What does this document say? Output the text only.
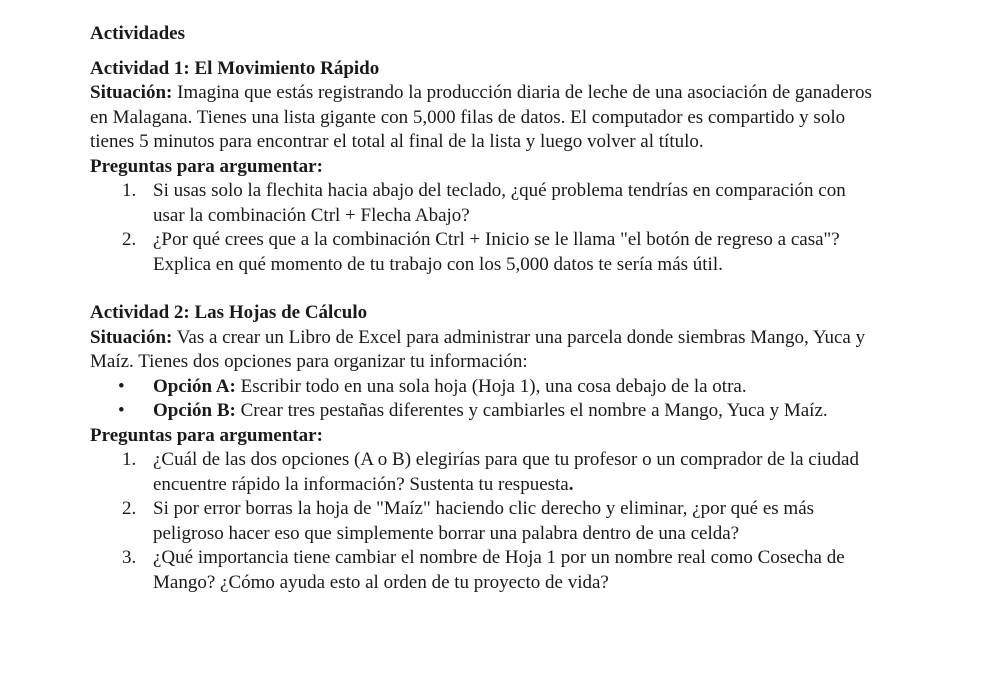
Actividades
Actividad 1: El Movimiento Rápido

Situación: Imagina que estás registrando la producción diaria de leche de una asociación de ganaderos en Malagana. Tienes una lista gigante con 5,000 filas de datos. El computador es compartido y solo tienes 5 minutos para encontrar el total al final de la lista y luego volver al título.

Preguntas para argumentar:
1. Si usas solo la flechita hacia abajo del teclado, ¿qué problema tendrías en comparación con usar la combinación Ctrl + Flecha Abajo?
2. ¿Por qué crees que a la combinación Ctrl + Inicio se le llama "el botón de regreso a casa"? Explica en qué momento de tu trabajo con los 5,000 datos te sería más útil.
Actividad 2: Las Hojas de Cálculo

Situación: Vas a crear un Libro de Excel para administrar una parcela donde siembras Mango, Yuca y Maíz. Tienes dos opciones para organizar tu información:

• Opción A: Escribir todo en una sola hoja (Hoja 1), una cosa debajo de la otra.
• Opción B: Crear tres pestañas diferentes y cambiarles el nombre a Mango, Yuca y Maíz.
Preguntas para argumentar:
1. ¿Cuál de las dos opciones (A o B) elegirías para que tu profesor o un comprador de la ciudad encuentre rápido la información? Sustenta tu respuesta.
2. Si por error borras la hoja de "Maíz" haciendo clic derecho y eliminar, ¿por qué es más peligroso hacer eso que simplemente borrar una palabra dentro de una celda?
3. ¿Qué importancia tiene cambiar el nombre de Hoja 1 por un nombre real como Cosecha de Mango? ¿Cómo ayuda esto al orden de tu proyecto de vida?
